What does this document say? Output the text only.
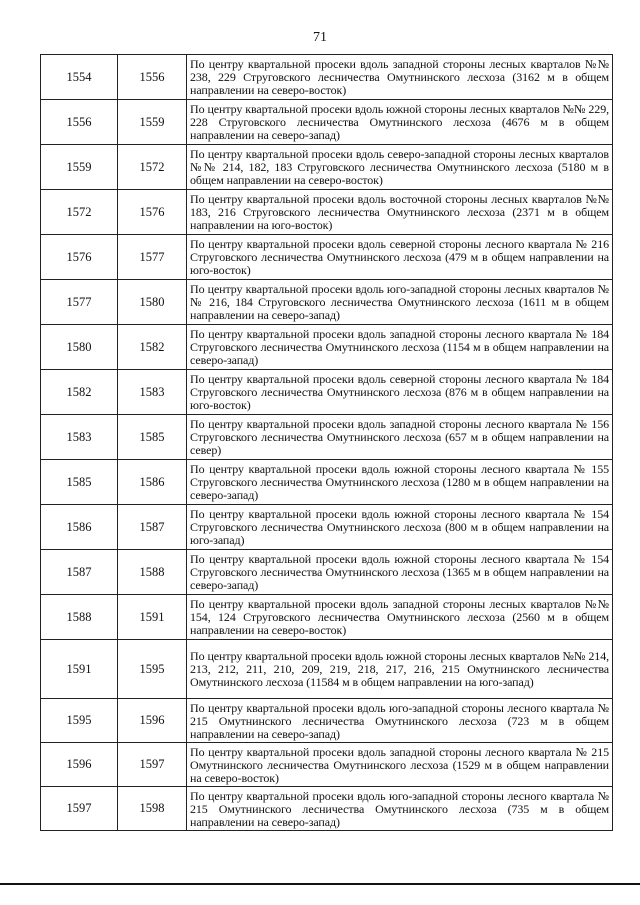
71
1554	1556	По центру квартальной просеки вдоль западной стороны лесных кварталов №№ 238, 229 Струговского лесничества Омутнинского лесхоза (3162 м в общем направлении на северо-восток)
1556	1559	По центру квартальной просеки вдоль южной стороны лесных кварталов №№ 229, 228 Струговского лесничества Омутнинского лесхоза (4676 м в общем направлении на северо-запад)
1559	1572	По центру квартальной просеки вдоль северо-западной стороны лесных кварталов №№ 214, 182, 183 Струговского лесничества Омутнинского лесхоза (5180 м в общем направлении на северо-восток)
1572	1576	По центру квартальной просеки вдоль восточной стороны лесных кварталов №№ 183, 216 Струговского лесничества Омутнинского лесхоза (2371 м в общем направлении на юго-восток)
1576	1577	По центру квартальной просеки вдоль северной стороны лесного квартала № 216 Струговского лесничества Омутнинского лесхоза (479 м в общем направлении на юго-восток)
1577	1580	По центру квартальной просеки вдоль юго-западной стороны лесных кварталов №№ 216, 184 Струговского лесничества Омутнинского лесхоза (1611 м в общем направлении на северо-запад)
1580	1582	По центру квартальной просеки вдоль западной стороны лесного квартала № 184 Струговского лесничества Омутнинского лесхоза (1154 м в общем направлении на северо-запад)
1582	1583	По центру квартальной просеки вдоль северной стороны лесного квартала № 184 Струговского лесничества Омутнинского лесхоза (876 м в общем направлении на юго-восток)
1583	1585	По центру квартальной просеки вдоль западной стороны лесного квартала № 156 Струговского лесничества Омутнинского лесхоза (657 м в общем направлении на север)
1585	1586	По центру квартальной просеки вдоль южной стороны лесного квартала № 155 Струговского лесничества Омутнинского лесхоза (1280 м в общем направлении на северо-запад)
1586	1587	По центру квартальной просеки вдоль южной стороны лесного квартала № 154 Струговского лесничества Омутнинского лесхоза (800 м в общем направлении на юго-запад)
1587	1588	По центру квартальной просеки вдоль южной стороны лесного квартала № 154 Струговского лесничества Омутнинского лесхоза (1365 м в общем направлении на северо-запад)
1588	1591	По центру квартальной просеки вдоль западной стороны лесных кварталов №№ 154, 124 Струговского лесничества Омутнинского лесхоза (2560 м в общем направлении на северо-восток)
1591	1595	По центру квартальной просеки вдоль южной стороны лесных кварталов №№ 214, 213, 212, 211, 210, 209, 219, 218, 217, 216, 215 Омутнинского лесничества Омутнинского лесхоза (11584 м в общем направлении на юго-запад)
1595	1596	По центру квартальной просеки вдоль юго-западной стороны лесного квартала № 215 Омутнинского лесничества Омутнинского лесхоза (723 м в общем направлении на северо-запад)
1596	1597	По центру квартальной просеки вдоль западной стороны лесного квартала № 215 Омутнинского лесничества Омутнинского лесхоза (1529 м в общем направлении на северо-восток)
1597	1598	По центру квартальной просеки вдоль юго-западной стороны лесного квартала № 215 Омутнинского лесничества Омутнинского лесхоза (735 м в общем направлении на северо-запад)
